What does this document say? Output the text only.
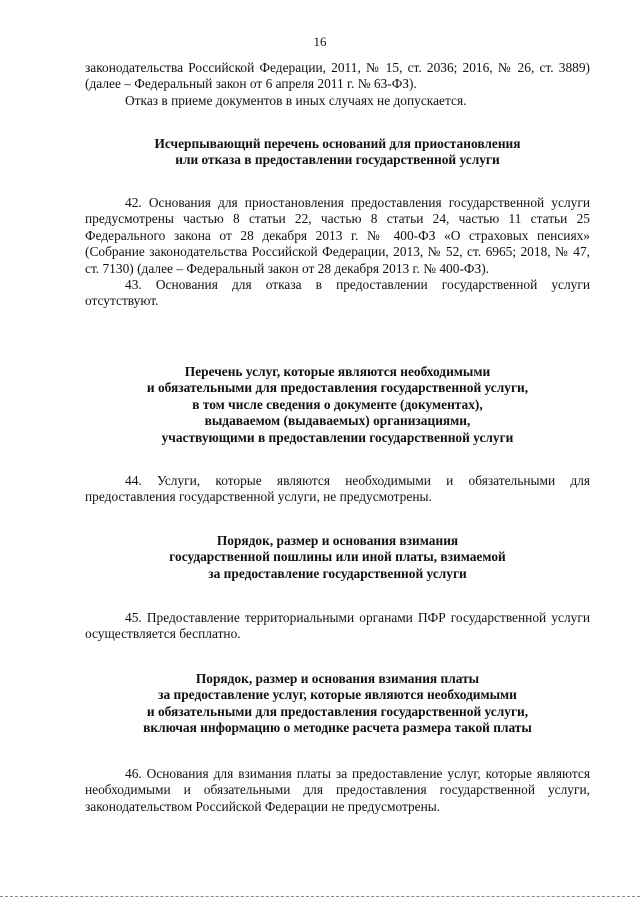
16

законодательства Российской Федерации, 2011, № 15, ст. 2036; 2016, № 26, ст. 3889) (далее – Федеральный закон от 6 апреля 2011 г. № 63-ФЗ).

Отказ в приеме документов в иных случаях не допускается.

Исчерпывающий перечень оснований для приостановления
или отказа в предоставлении государственной услуги

42. Основания для приостановления предоставления государственной услуги предусмотрены частью 8 статьи 22, частью 8 статьи 24, частью 11 статьи 25 Федерального закона от 28 декабря 2013 г. № 400-ФЗ «О страховых пенсиях» (Собрание законодательства Российской Федерации, 2013, № 52, ст. 6965; 2018, № 47, ст. 7130) (далее – Федеральный закон от 28 декабря 2013 г. № 400-ФЗ).

43. Основания для отказа в предоставлении государственной услуги отсутствуют.

Перечень услуг, которые являются необходимыми
и обязательными для предоставления государственной услуги,
в том числе сведения о документе (документах),
выдаваемом (выдаваемых) организациями,
участвующими в предоставлении государственной услуги

44. Услуги, которые являются необходимыми и обязательными для предоставления государственной услуги, не предусмотрены.

Порядок, размер и основания взимания
государственной пошлины или иной платы, взимаемой
за предоставление государственной услуги

45. Предоставление территориальными органами ПФР государственной услуги осуществляется бесплатно.

Порядок, размер и основания взимания платы
за предоставление услуг, которые являются необходимыми
и обязательными для предоставления государственной услуги,
включая информацию о методике расчета размера такой платы

46. Основания для взимания платы за предоставление услуг, которые являются необходимыми и обязательными для предоставления государственной услуги, законодательством Российской Федерации не предусмотрены.
